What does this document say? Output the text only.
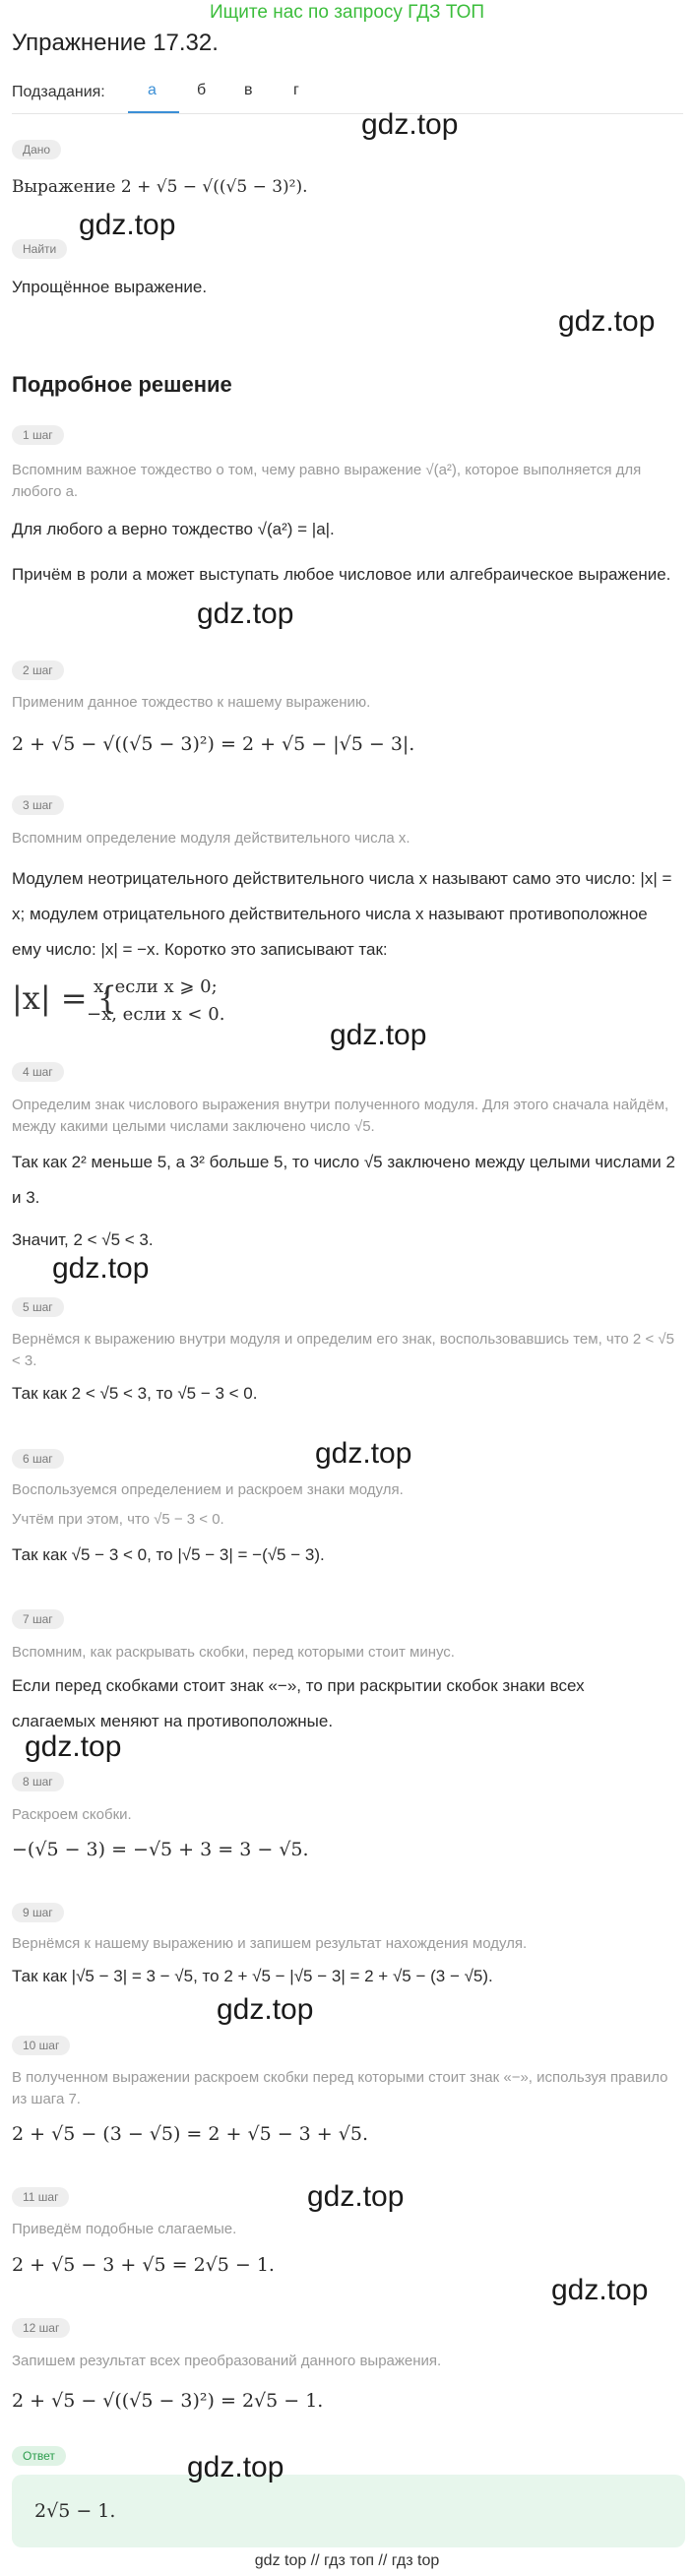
Ищите нас по запросу ГДЗ ТОП
Упражнение 17.32.
Подзадания:	а	б в	г
Дано
Выражение 2 + √5 − √((√5 − 3)²).
Найти
Упрощённое выражение.
Подробное решение
1 шаг
Вспомним важное тождество о том, чему равно выражение √(a²), которое выполняется для любого a.
Для любого a верно тождество √(a²) = |a|.
Причём в роли a может выступать любое числовое или алгебраическое выражение.
2 шаг
Применим данное тождество к нашему выражению.
2 + √5 − √((√5 − 3)²) = 2 + √5 − |√5 − 3|.
3 шаг
Вспомним определение модуля действительного числа x.
Модулем неотрицательного действительного числа x называют само это число: |x| = x; модулем отрицательного действительного числа x называют противоположное ему число: |x| = −x. Коротко это записывают так:
|x| = {
x, если x ⩾ 0;
−x, если x < 0.
4 шаг
Определим знак числового выражения внутри полученного модуля. Для этого сначала найдём, между какими целыми числами заключено число √5.
Так как 2² меньше 5, а 3² больше 5, то число √5 заключено между целыми числами 2 и 3.
Значит, 2 < √5 < 3.
5 шаг
Вернёмся к выражению внутри модуля и определим его знак, воспользовавшись тем, что 2 < √5 < 3.
Так как 2 < √5 < 3, то √5 − 3 < 0.
6 шаг
Воспользуемся определением и раскроем знаки модуля.
Учтём при этом, что √5 − 3 < 0.
Так как √5 − 3 < 0, то |√5 − 3| = −(√5 − 3).
7 шаг
Вспомним, как раскрывать скобки, перед которыми стоит минус.
Если перед скобками стоит знак «−», то при раскрытии скобок знаки всех слагаемых меняют на противоположные.
8 шаг
Раскроем скобки.
−(√5 − 3) = −√5 + 3 = 3 − √5.
9 шаг
Вернёмся к нашему выражению и запишем результат нахождения модуля.
Так как |√5 − 3| = 3 − √5, то 2 + √5 − |√5 − 3| = 2 + √5 − (3 − √5).
10 шаг
В полученном выражении раскроем скобки перед которыми стоит знак «−», используя правило из шага 7.
2 + √5 − (3 − √5) = 2 + √5 − 3 + √5.
11 шаг
Приведём подобные слагаемые.
2 + √5 − 3 + √5 = 2√5 − 1.
12 шаг
Запишем результат всех преобразований данного выражения.
2 + √5 − √((√5 − 3)²) = 2√5 − 1.
Ответ
2√5 − 1.
gdz.top
gdz.top
gdz.top
gdz.top
gdz.top
gdz.top
gdz.top
gdz.top
gdz.top
gdz.top
gdz.top
gdz.top
gdz top // гдз топ // гдз top
